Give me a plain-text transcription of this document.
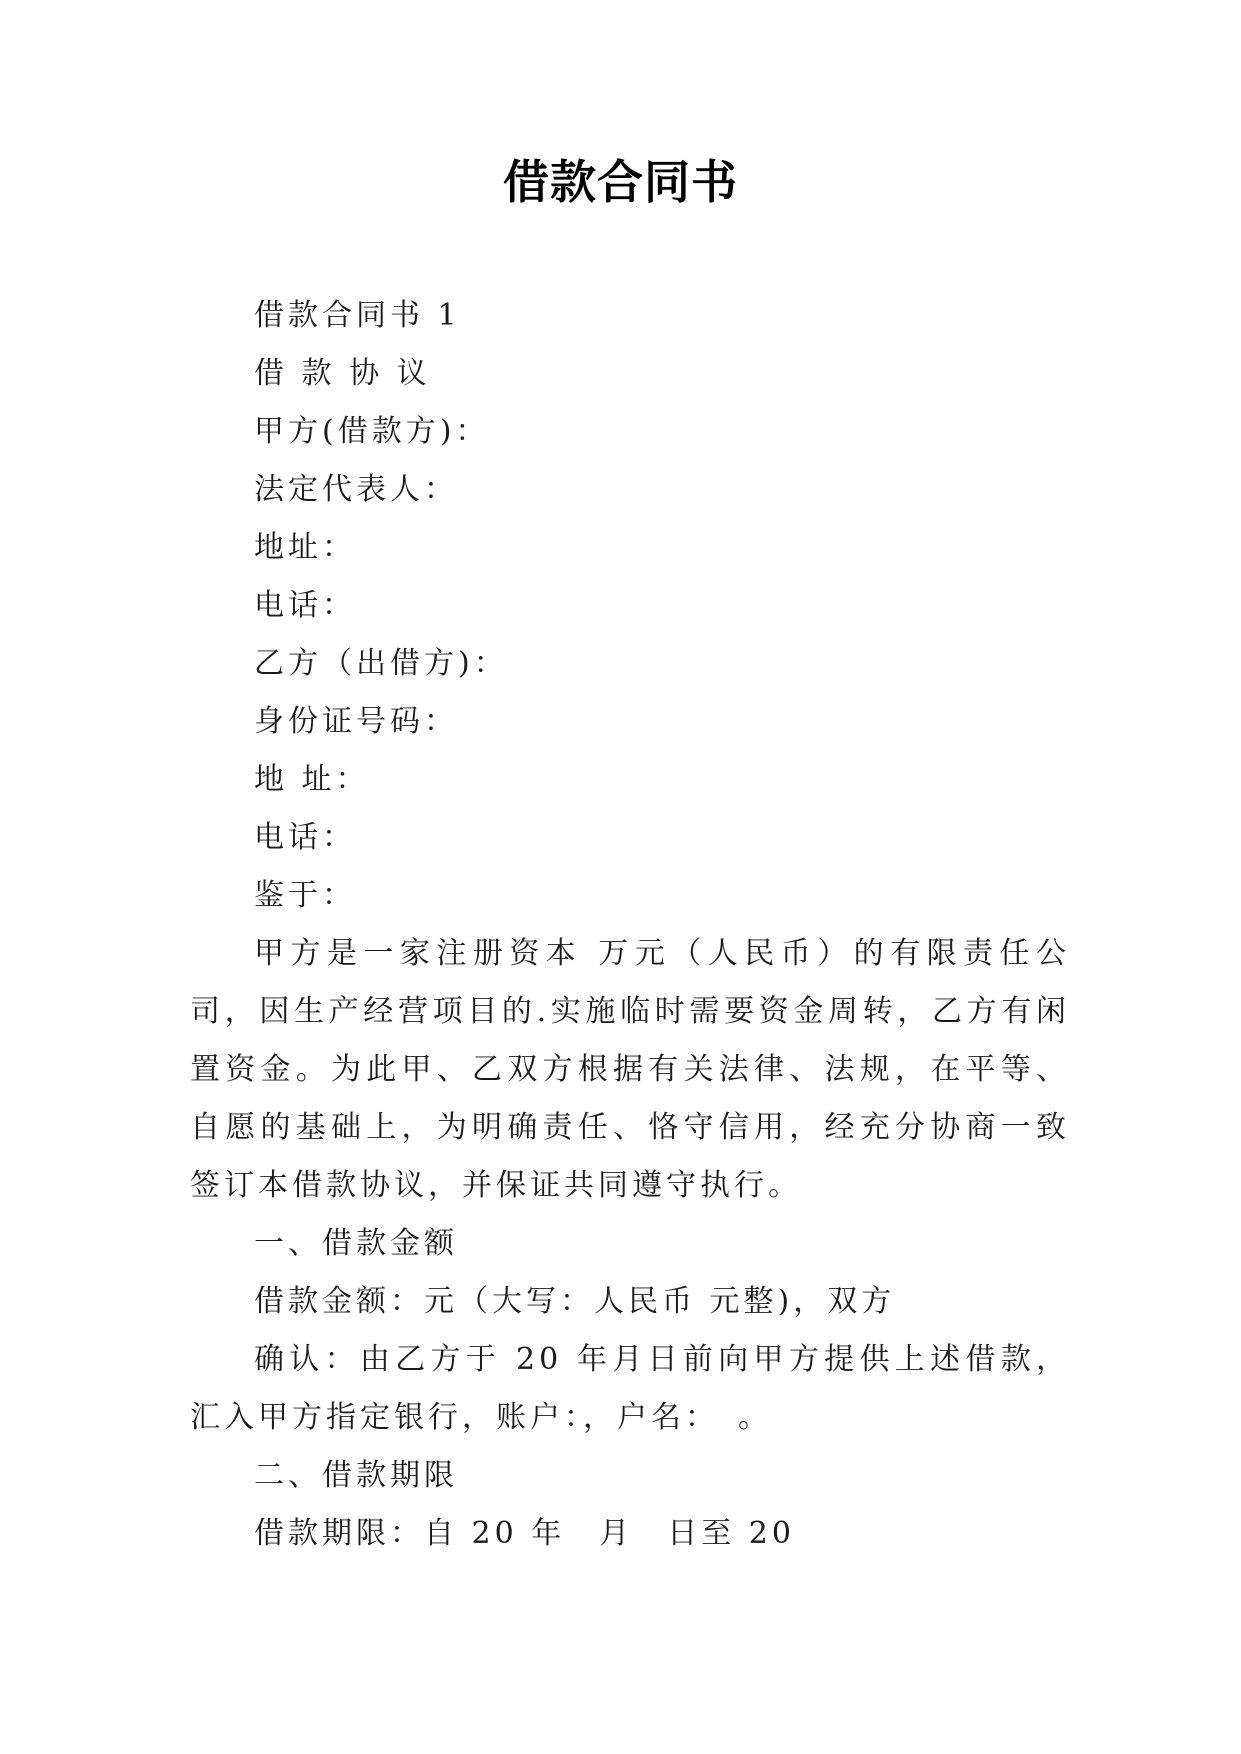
借款合同书
借款合同书 1
借 款 协 议
甲方(借款方)：
法定代表人：
地址：
电话：
乙方（出借方)：
身份证号码：
地 址：
电话：
鉴于：

甲方是一家注册资本 万元（人民币）的有限责任公司，因生产经营项目的.实施临时需要资金周转，乙方有闲置资金。为此甲、乙双方根据有关法律、法规，在平等、自愿的基础上，为明确责任、恪守信用，经充分协商一致签订本借款协议，并保证共同遵守执行。

一、借款金额
借款金额：元（大写：人民币 元整)，双方

确认：由乙方于 20 年月日前向甲方提供上述借款，汇入甲方指定银行，账户：，户名：　。

二、借款期限
借款期限：自 20 年　月　日至 20
